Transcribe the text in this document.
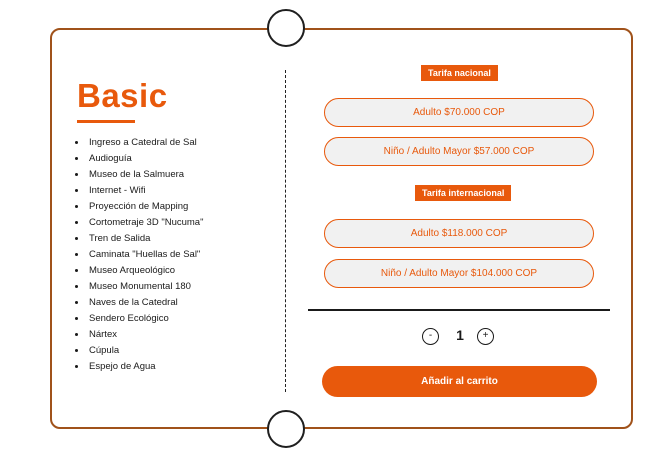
Basic
• Ingreso a Catedral de Sal
• Audioguía
• Museo de la Salmuera
• Internet - Wifi
• Proyección de Mapping
• Cortometraje 3D "Nucuma"
• Tren de Salida
• Caminata "Huellas de Sal"
• Museo Arqueológico
• Museo Monumental 180
• Naves de la Catedral
• Sendero Ecológico
• Nártex
• Cúpula
• Espejo de Agua
Tarifa nacional
Adulto $70.000 COP
Niño / Adulto Mayor $57.000 COP
Tarifa internacional
Adulto $118.000 COP
Niño / Adulto Mayor $104.000 COP
-	1	+
Añadir al carrito
